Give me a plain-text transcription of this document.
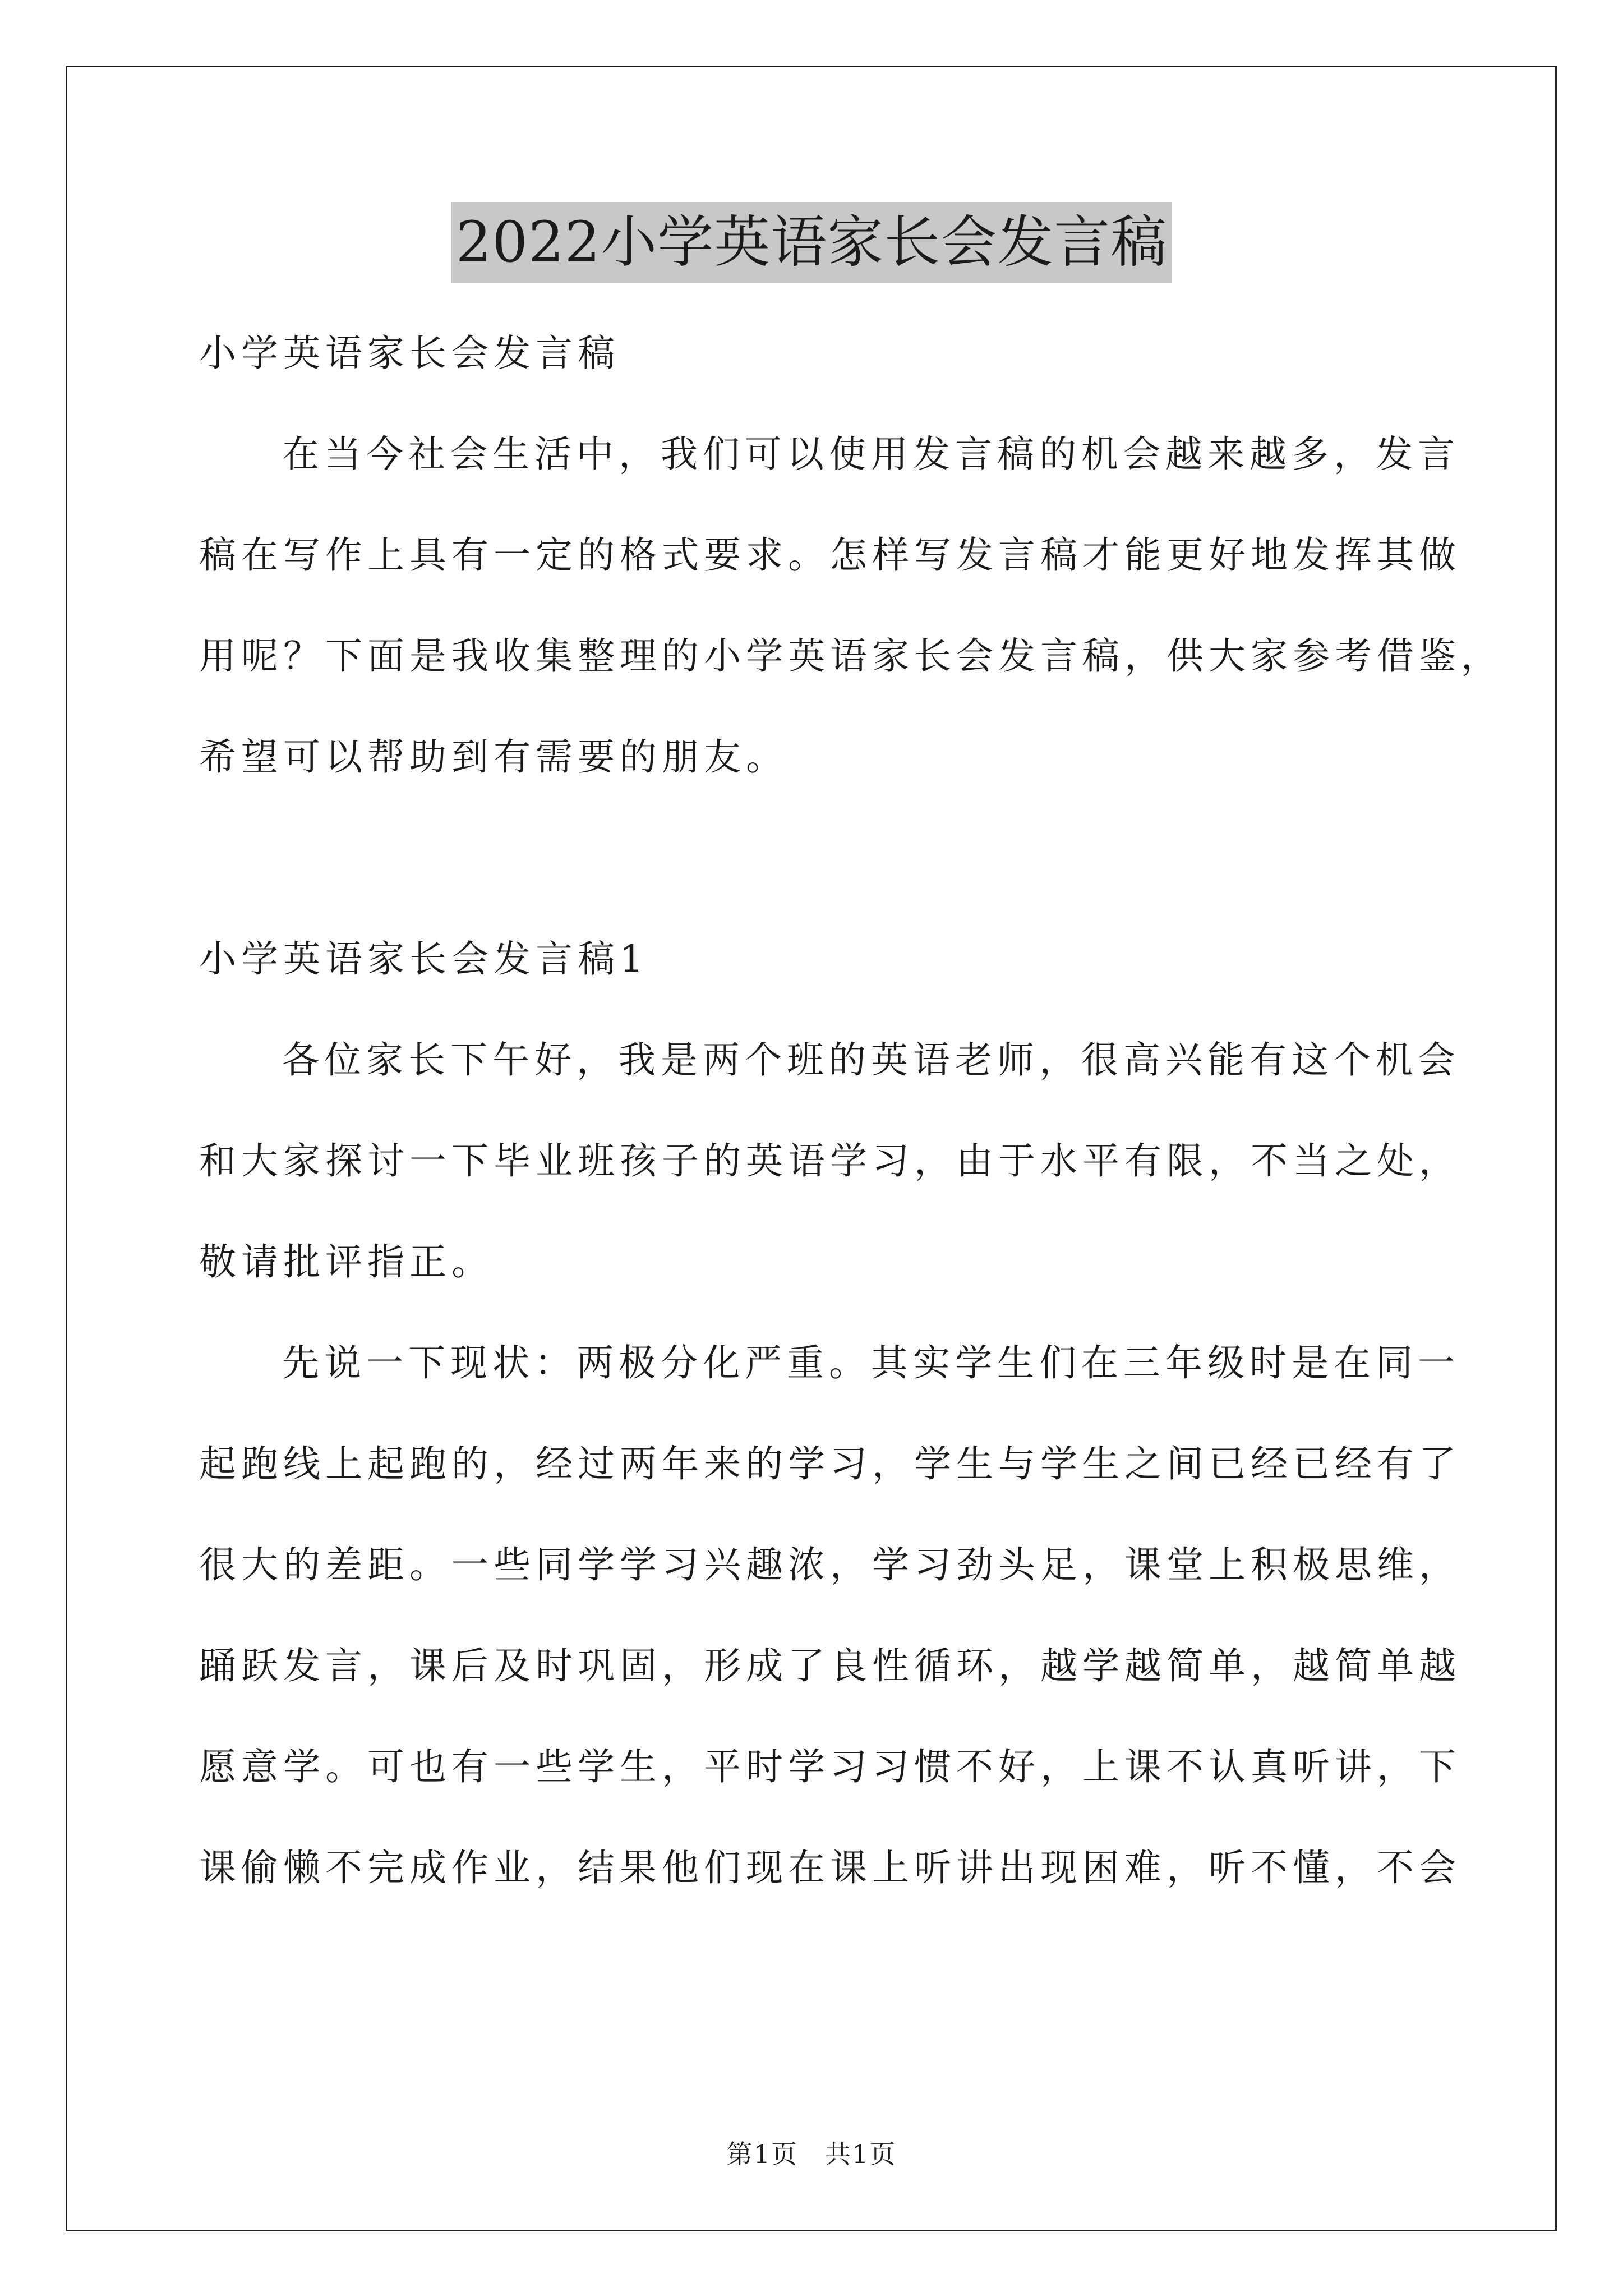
2022小学英语家长会发言稿
小学英语家长会发言稿
在当今社会生活中，我们可以使用发言稿的机会越来越多，发言
稿在写作上具有一定的格式要求。怎样写发言稿才能更好地发挥其做
用呢？下面是我收集整理的小学英语家长会发言稿，供大家参考借鉴，
希望可以帮助到有需要的朋友。
小学英语家长会发言稿1
各位家长下午好，我是两个班的英语老师，很高兴能有这个机会
和大家探讨一下毕业班孩子的英语学习，由于水平有限，不当之处，
敬请批评指正。
先说一下现状：两极分化严重。其实学生们在三年级时是在同一
起跑线上起跑的，经过两年来的学习，学生与学生之间已经已经有了
很大的差距。一些同学学习兴趣浓，学习劲头足，课堂上积极思维，
踊跃发言，课后及时巩固，形成了良性循环，越学越简单，越简单越
愿意学。可也有一些学生，平时学习习惯不好，上课不认真听讲，下
课偷懒不完成作业，结果他们现在课上听讲出现困难，听不懂，不会
第1页　共1页
